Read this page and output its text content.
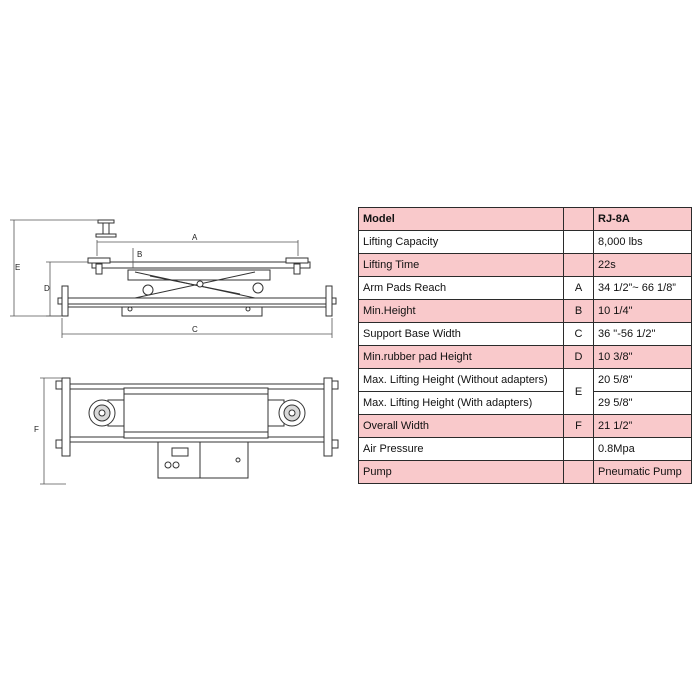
A
B
C
D
E
F
Model		RJ-8A
Lifting Capacity		8,000 lbs
Lifting Time		22s
Arm Pads Reach	A	34 1/2”~ 66 1/8”
Min.Height	B	10 1/4"
Support Base Width	C	36 "-56 1/2"
Min.rubber pad Height	D	10 3/8"
Max. Lifting Height (Without adapters)	E	20 5/8"
Max. Lifting Height (With adapters)		29 5/8"
Overall Width	F	21 1/2”
Air Pressure		0.8Mpa
Pump		Pneumatic Pump
